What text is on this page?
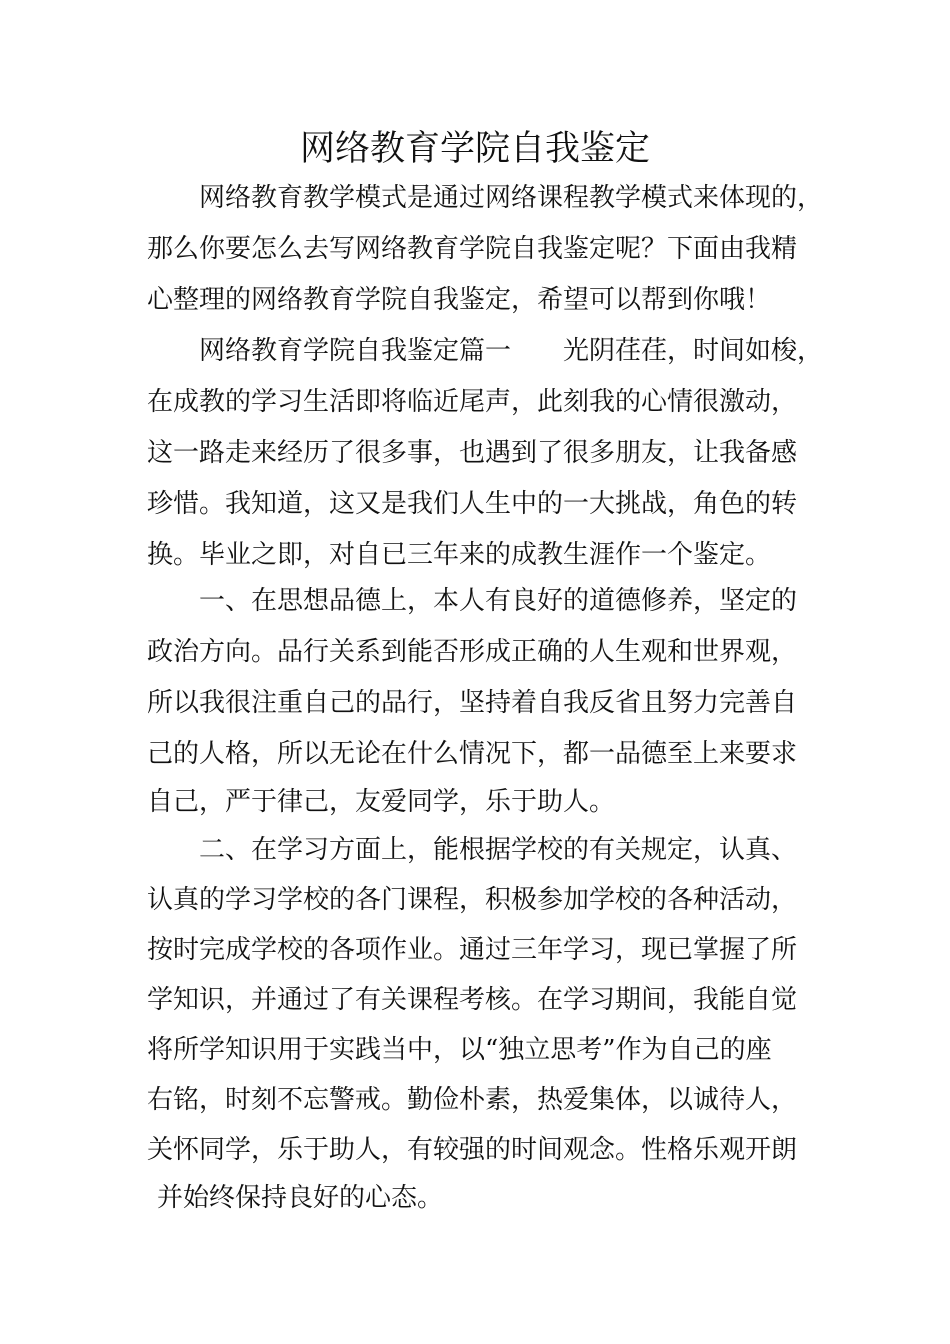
网络教育学院自我鉴定
网络教育教学模式是通过网络课程教学模式来体现的，
那么你要怎么去写网络教育学院自我鉴定呢？下面由我精
心整理的网络教育学院自我鉴定，希望可以帮到你哦！
网络教育学院自我鉴定篇一　　光阴荏荏，时间如梭，
在成教的学习生活即将临近尾声，此刻我的心情很激动，
这一路走来经历了很多事，也遇到了很多朋友，让我备感
珍惜。我知道，这又是我们人生中的一大挑战，角色的转
换。毕业之即，对自已三年来的成教生涯作一个鉴定。
一、在思想品德上，本人有良好的道德修养，坚定的
政治方向。品行关系到能否形成正确的人生观和世界观，
所以我很注重自己的品行，坚持着自我反省且努力完善自
己的人格，所以无论在什么情况下，都一品德至上来要求
自己，严于律己，友爱同学，乐于助人。
二、在学习方面上，能根据学校的有关规定，认真、
认真的学习学校的各门课程，积极参加学校的各种活动，
按时完成学校的各项作业。通过三年学习，现已掌握了所
学知识，并通过了有关课程考核。在学习期间，我能自觉
将所学知识用于实践当中，以“独立思考”作为自己的座
右铭，时刻不忘警戒。勤俭朴素，热爱集体，以诚待人，
关怀同学，乐于助人，有较强的时间观念。性格乐观开朗
并始终保持良好的心态。
